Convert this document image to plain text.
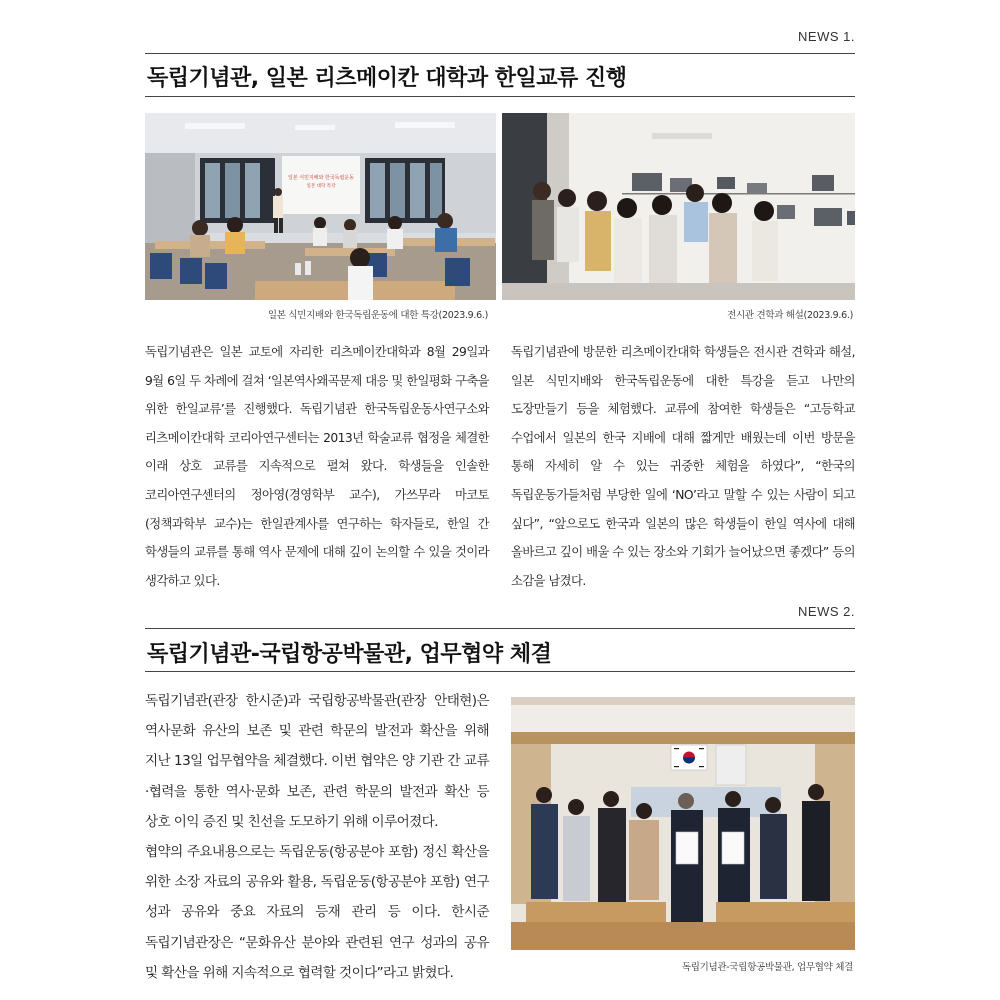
NEWS 1.
독립기념관, 일본 리츠메이칸 대학과 한일교류 진행
일본 식민지배와 한국독립운동
일본 대학 특강
일본 식민지배와 한국독립운동에 대한 특강(2023.9.6.)	전시관 견학과 해설(2023.9.6.)

독립기념관은 일본 교토에 자리한 리츠메이칸대학과 8월 29일과 9월 6일 두 차례에 걸쳐 ‘일본역사왜곡문제 대응 및 한일평화 구축을 위한 한일교류’를 진행했다. 독립기념관 한국독립운동사연구소와 리츠메이칸대학 코리아연구센터는 2013년 학술교류 협정을 체결한 이래 상호 교류를 지속적으로 펼쳐 왔다. 학생들을 인솔한 코리아연구센터의 정아영(경영학부 교수), 가쓰무라 마코토(정책과학부 교수)는 한일관계사를 연구하는 학자들로, 한일 간 학생들의 교류를 통해 역사 문제에 대해 깊이 논의할 수 있을 것이라 생각하고 있다.

독립기념관에 방문한 리츠메이칸대학 학생들은 전시관 견학과 해설, 일본 식민지배와 한국독립운동에 대한 특강을 듣고 나만의 도장만들기 등을 체험했다. 교류에 참여한 학생들은 “고등학교 수업에서 일본의 한국 지배에 대해 짧게만 배웠는데 이번 방문을 통해 자세히 알 수 있는 귀중한 체험을 하였다”, “한국의 독립운동가들처럼 부당한 일에 ‘NO’라고 말할 수 있는 사람이 되고 싶다”, “앞으로도 한국과 일본의 많은 학생들이 한일 역사에 대해 올바르고 깊이 배울 수 있는 장소와 기회가 늘어났으면 좋겠다” 등의 소감을 남겼다.

NEWS 2.
독립기념관-국립항공박물관, 업무협약 체결

독립기념관(관장 한시준)과 국립항공박물관(관장 안태현)은 역사문화 유산의 보존 및 관련 학문의 발전과 확산을 위해 지난 13일 업무협약을 체결했다. 이번 협약은 양 기관 간 교류·협력을 통한 역사·문화 보존, 관련 학문의 발전과 확산 등 상호 이익 증진 및 친선을 도모하기 위해 이루어졌다.

협약의 주요내용으로는 독립운동(항공분야 포함) 정신 확산을 위한 소장 자료의 공유와 활용, 독립운동(항공분야 포함) 연구 성과 공유와 중요 자료의 등재 관리 등 이다. 한시준 독립기념관장은 “문화유산 분야와 관련된 연구 성과의 공유 및 확산을 위해 지속적으로 협력할 것이다”라고 밝혔다.	독립기념관-국립항공박물관, 업무협약 체결
